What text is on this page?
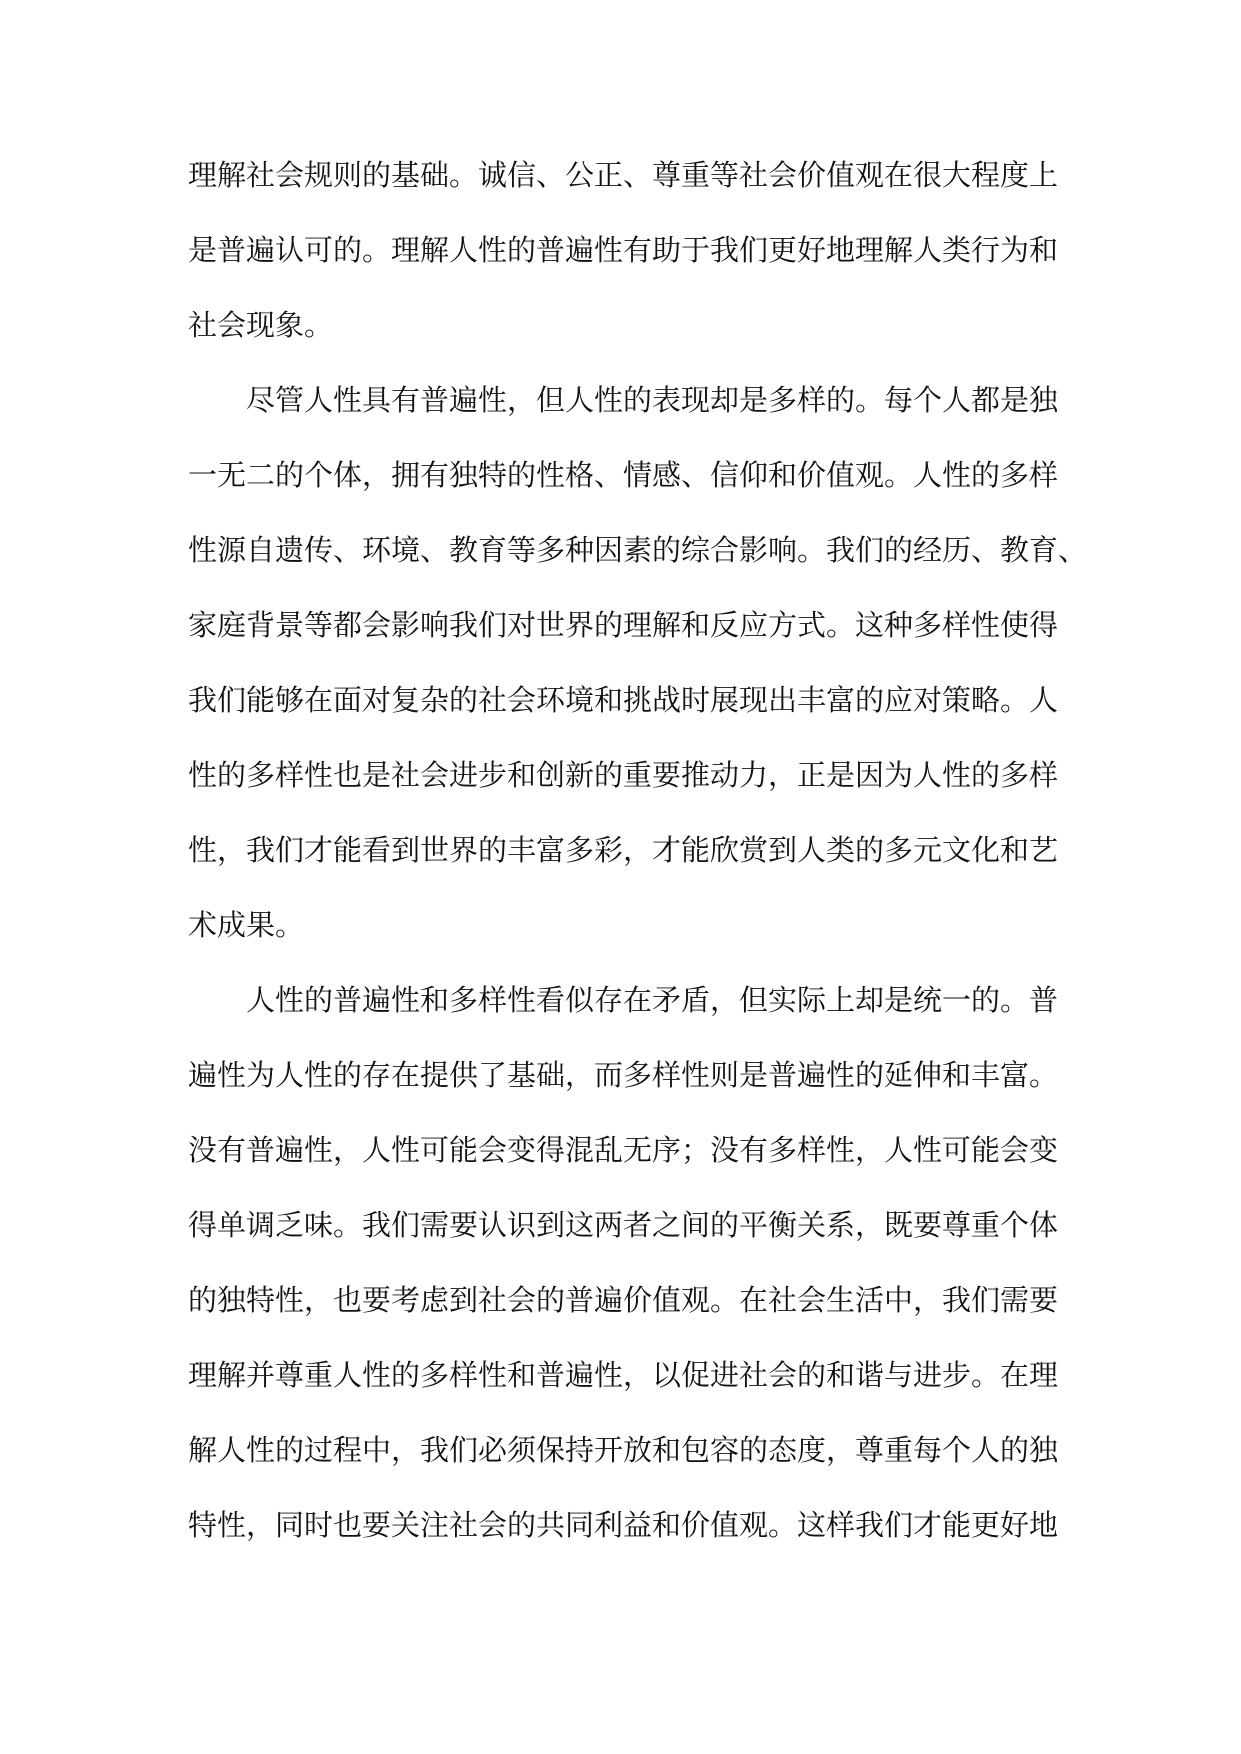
理解社会规则的基础。诚信、公正、尊重等社会价值观在很大程度上
是普遍认可的。理解人性的普遍性有助于我们更好地理解人类行为和
社会现象。
尽管人性具有普遍性，但人性的表现却是多样的。每个人都是独
一无二的个体，拥有独特的性格、情感、信仰和价值观。人性的多样
性源自遗传、环境、教育等多种因素的综合影响。我们的经历、教育、
家庭背景等都会影响我们对世界的理解和反应方式。这种多样性使得
我们能够在面对复杂的社会环境和挑战时展现出丰富的应对策略。人
性的多样性也是社会进步和创新的重要推动力，正是因为人性的多样
性，我们才能看到世界的丰富多彩，才能欣赏到人类的多元文化和艺
术成果。
人性的普遍性和多样性看似存在矛盾，但实际上却是统一的。普
遍性为人性的存在提供了基础，而多样性则是普遍性的延伸和丰富。
没有普遍性，人性可能会变得混乱无序；没有多样性，人性可能会变
得单调乏味。我们需要认识到这两者之间的平衡关系，既要尊重个体
的独特性，也要考虑到社会的普遍价值观。在社会生活中，我们需要
理解并尊重人性的多样性和普遍性，以促进社会的和谐与进步。在理
解人性的过程中，我们必须保持开放和包容的态度，尊重每个人的独
特性，同时也要关注社会的共同利益和价值观。这样我们才能更好地
